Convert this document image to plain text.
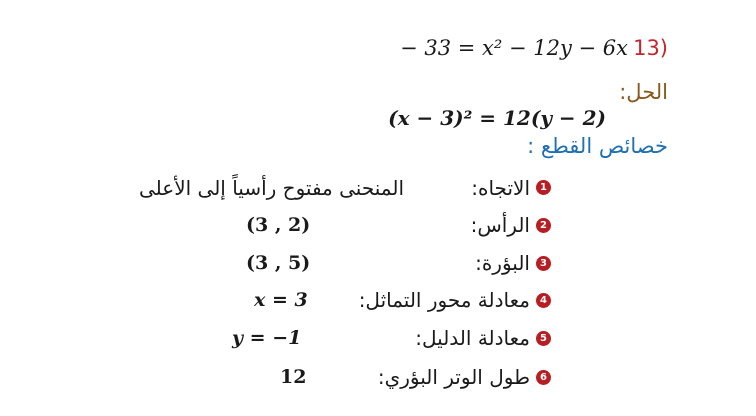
− 33 = x² − 12y − 6x 13)
الحل:
(x − 3)² = 12(y − 2)
خصائص القطع :
1
الاتجاه:
المنحنى مفتوح رأسياً إلى الأعلى
2
الرأس:
(3 , 2)
3
البؤرة:
(3 , 5)
4
معادلة محور التماثل:
x = 3
5
معادلة الدليل:
y = −1
6
طول الوتر البؤري:
12
